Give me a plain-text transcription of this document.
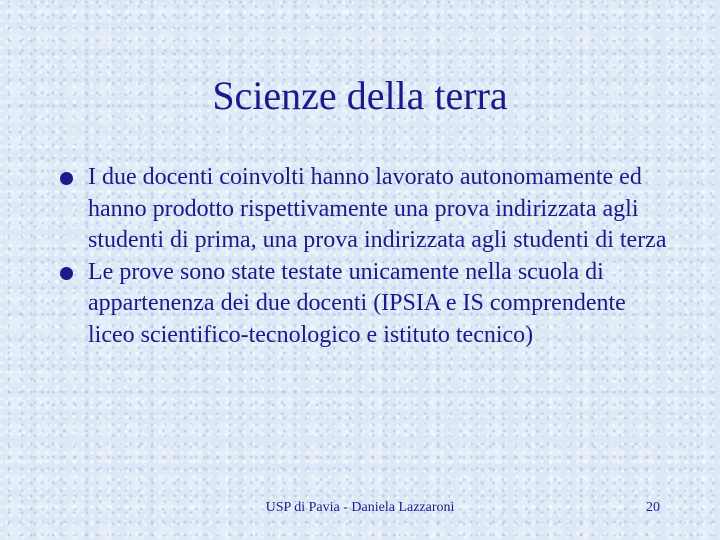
Scienze della terra
I due docenti coinvolti hanno lavorato autonomamente ed hanno prodotto rispettivamente una prova indirizzata agli studenti di prima, una prova indirizzata agli studenti di terza
Le prove sono state testate unicamente nella scuola di appartenenza dei due docenti (IPSIA e IS comprendente liceo scientifico-tecnologico e istituto tecnico)
USP di Pavia - Daniela Lazzaroni	20
